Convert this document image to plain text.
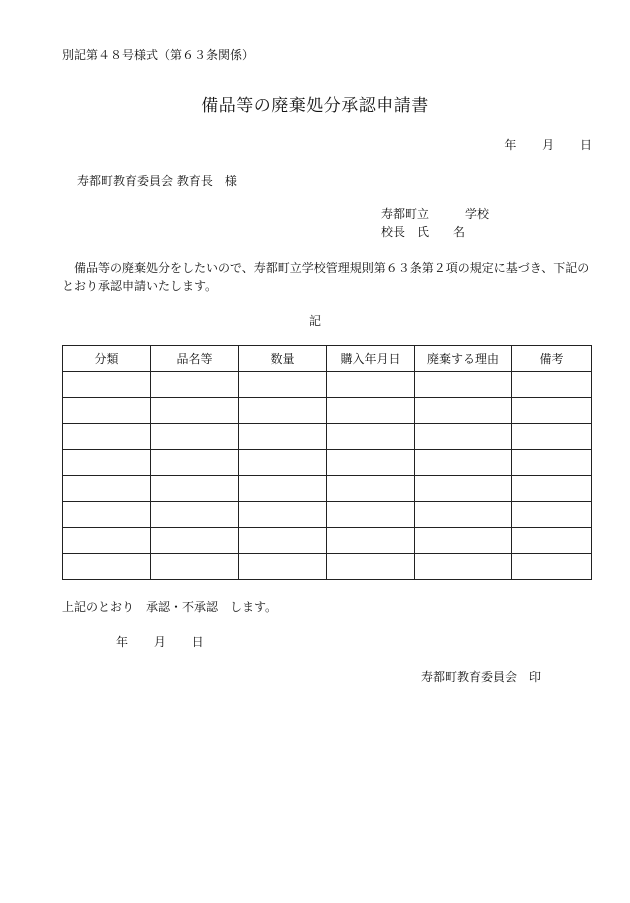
別記第４８号様式（第６３条関係）
備品等の廃棄処分承認申請書
年 月 日
寿都町教育委員会 教育長　様
寿都町立　　　学校
校長　氏　　名
備品等の廃棄処分をしたいので、寿都町立学校管理規則第６３条第２項の規定に基づき、下記のとおり承認申請いたします。
記
分類	品名等	数量	購入年月日	廃棄する理由	備考

上記のとおり　承認・不承認　します。
年 月 日
寿都町教育委員会　印
